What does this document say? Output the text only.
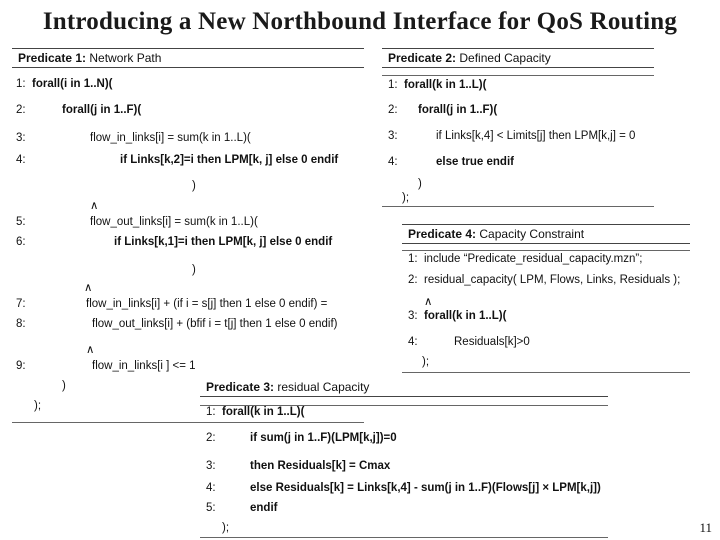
Introducing a New Northbound Interface for QoS Routing
Predicate 1: Network Path
1: forall(i in 1..N)(
2:	forall(j in 1..F)(
3:	flow_in_links[i] = sum(k in 1..L)(
4:	if Links[k,2]=i then LPM[k, j] else 0 endif
)
∧
5:	flow_out_links[i] = sum(k in 1..L)(
6:	if Links[k,1]=i then LPM[k, j] else 0 endif
)
∧
7:	flow_in_links[i] + (if i = s[j] then 1 else 0 endif) =
8:	flow_out_links[i] + (bfif i = t[j] then 1 else 0 endif)
∧
9:	flow_in_links[i ] <= 1
)
);
Predicate 2: Defined Capacity
1: forall(k in 1..L)(
2: forall(j in 1..F)(
3:	if Links[k,4] < Limits[j] then LPM[k,j] = 0
4:	else true endif
)
);
Predicate 4: Capacity Constraint
1: include “Predicate_residual_capacity.mzn”;
2: residual_capacity( LPM, Flows, Links, Residuals );
∧
3: forall(k in 1..L)(
4:	Residuals[k]>0
);
Predicate 3: residual Capacity
1: forall(k in 1..L)(
2:	if sum(j in 1..F)(LPM[k,j])=0
3:	then Residuals[k] = Cmax
4:	else Residuals[k] = Links[k,4] - sum(j in 1..F)(Flows[j] × LPM[k,j])
5:	endif
);	11
